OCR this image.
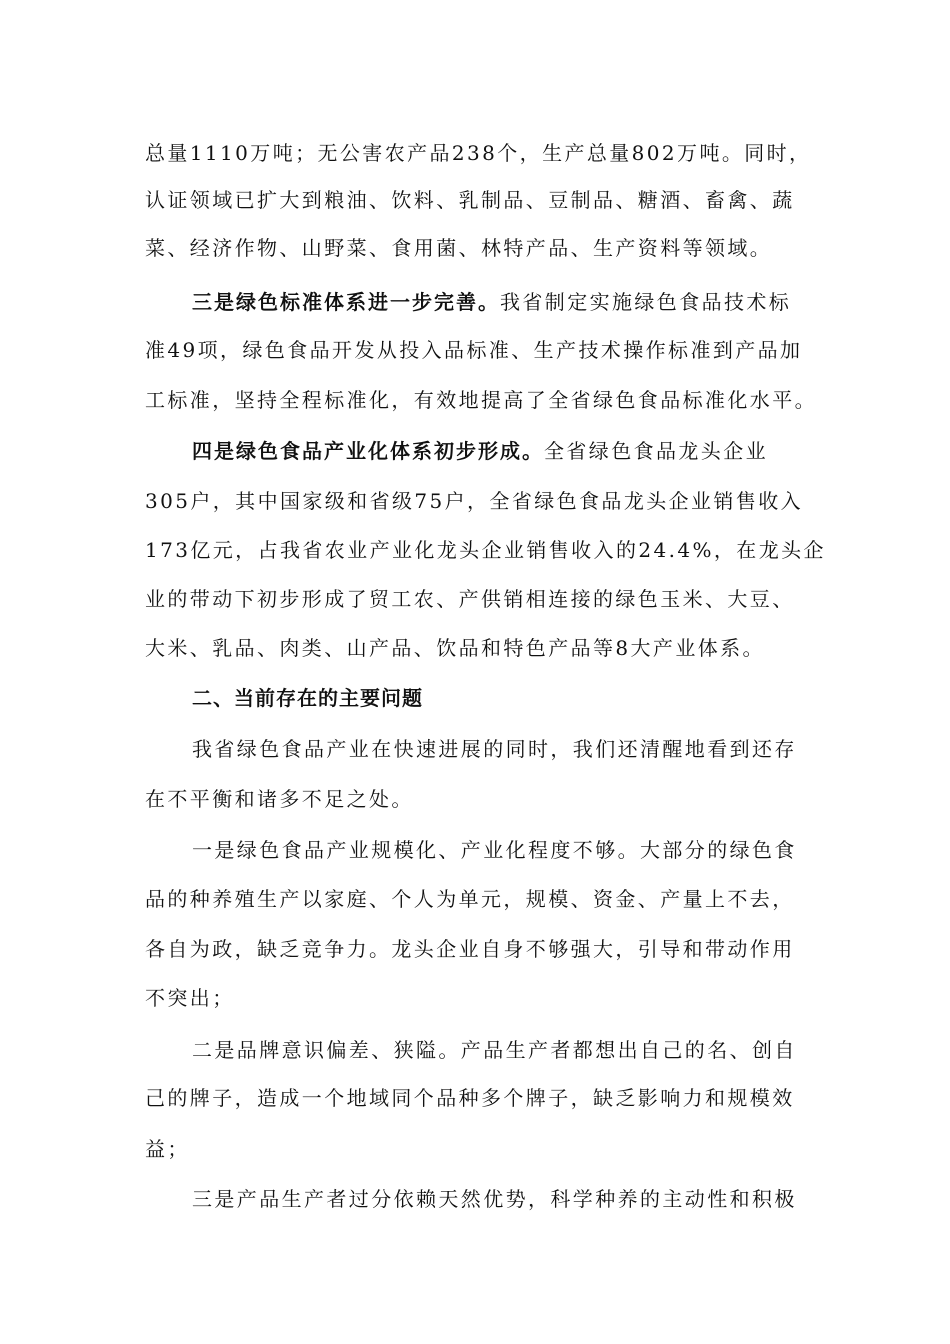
总量1110万吨；无公害农产品238个，生产总量802万吨。同时，
认证领域已扩大到粮油、饮料、乳制品、豆制品、糖酒、畜禽、蔬
菜、经济作物、山野菜、食用菌、林特产品、生产资料等领域。
三是绿色标准体系进一步完善。我省制定实施绿色食品技术标
准49项，绿色食品开发从投入品标准、生产技术操作标准到产品加
工标准，坚持全程标准化，有效地提高了全省绿色食品标准化水平。
四是绿色食品产业化体系初步形成。全省绿色食品龙头企业
305户，其中国家级和省级75户，全省绿色食品龙头企业销售收入
173亿元，占我省农业产业化龙头企业销售收入的24.4%，在龙头企
业的带动下初步形成了贸工农、产供销相连接的绿色玉米、大豆、
大米、乳品、肉类、山产品、饮品和特色产品等8大产业体系。
二、当前存在的主要问题
我省绿色食品产业在快速进展的同时，我们还清醒地看到还存
在不平衡和诸多不足之处。
一是绿色食品产业规模化、产业化程度不够。大部分的绿色食
品的种养殖生产以家庭、个人为单元，规模、资金、产量上不去，
各自为政，缺乏竞争力。龙头企业自身不够强大，引导和带动作用
不突出；
二是品牌意识偏差、狭隘。产品生产者都想出自己的名、创自
己的牌子，造成一个地域同个品种多个牌子，缺乏影响力和规模效
益；
三是产品生产者过分依赖天然优势，科学种养的主动性和积极
